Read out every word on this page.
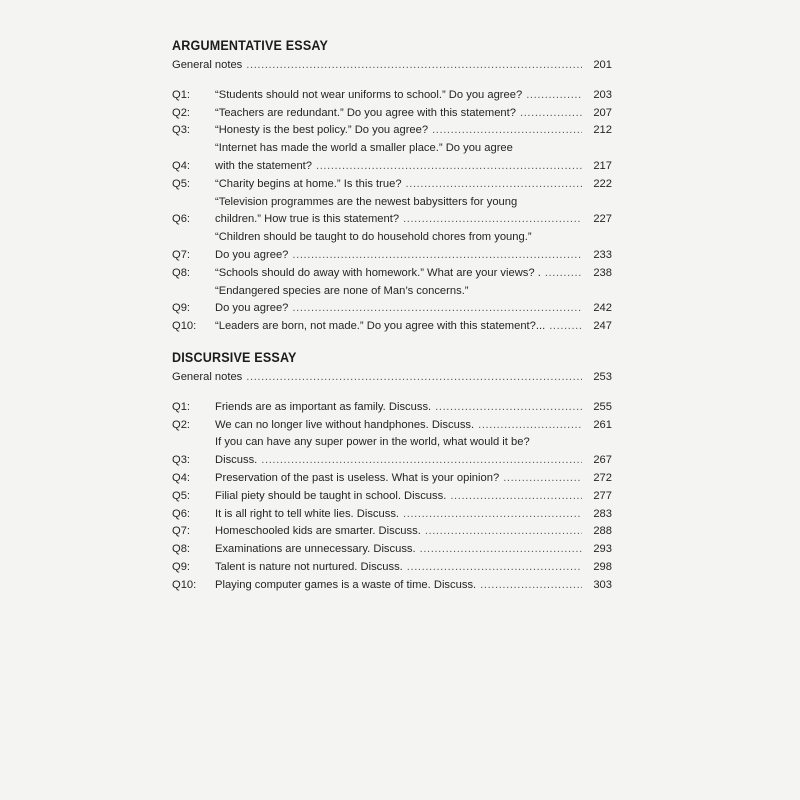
ARGUMENTATIVE ESSAY
General notes .....	201
Q1:	“Students should not wear uniforms to school.” Do you agree? .....	203
Q2:	“Teachers are redundant.” Do you agree with this statement? .....	207
Q3:	“Honesty is the best policy.” Do you agree? .....	212
Q4:
“Internet has made the world a smaller place.” Do you agree
with the statement? .....	217
Q5:	“Charity begins at home.” Is this true? .....	222
Q6:
“Television programmes are the newest babysitters for young
children.” How true is this statement? .....	227
Q7:
“Children should be taught to do household chores from young.”
Do you agree? .....	233
Q8:	“Schools should do away with homework.” What are your views? . .....	238
Q9:
“Endangered species are none of Man’s concerns.”
Do you agree? .....	242
Q10:	“Leaders are born, not made.” Do you agree with this statement?... .....	247
DISCURSIVE ESSAY
General notes .....	253
Q1:	Friends are as important as family. Discuss. .....	255
Q2:	We can no longer live without handphones. Discuss. .....	261
Q3:
If you can have any super power in the world, what would it be?
Discuss. .....	267
Q4:	Preservation of the past is useless. What is your opinion? .....	272
Q5:	Filial piety should be taught in school. Discuss. .....	277
Q6:	It is all right to tell white lies. Discuss. .....	283
Q7:	Homeschooled kids are smarter. Discuss. .....	288
Q8:	Examinations are unnecessary. Discuss. .....	293
Q9:	Talent is nature not nurtured. Discuss. .....	298
Q10:	Playing computer games is a waste of time. Discuss. .....	303
